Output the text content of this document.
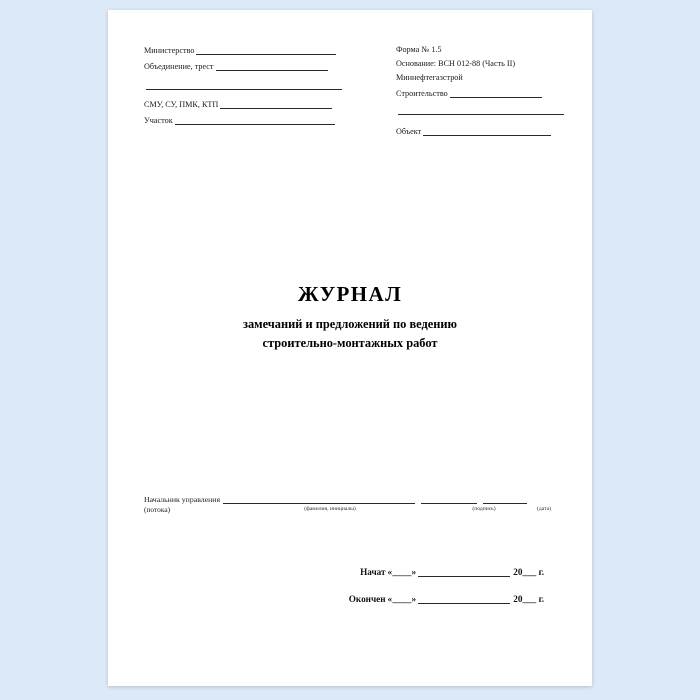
Министерство
Объединение, трест
СМУ, СУ, ПМК, КТП
Участок
Форма № 1.5
Основание: ВСН 012-88 (Часть II)
Миннефтегазстрой
Строительство
Объект
ЖУРНАЛ
замечаний и предложений по ведению
строительно-монтажных работ
Начальник управления
(потока)	(фамилия, инициалы)	(подпись)	(дата)
Начат «____»	20___ г.
Окончен «____»	20___ г.
